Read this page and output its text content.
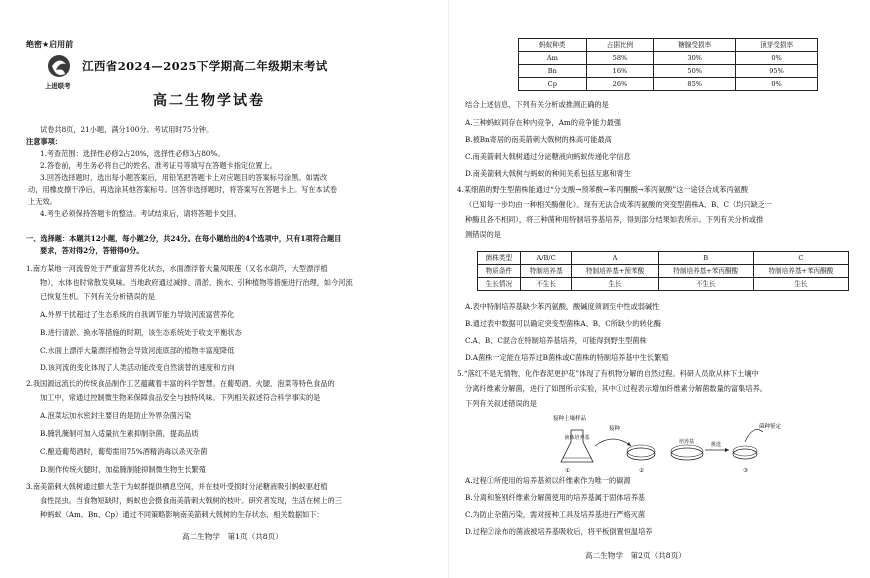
绝密★启用前
上进联考
江西省2024—2025下学期高二年级期末考试
高二生物学试卷
试卷共8页，21小题，满分100分。考试用时75分钟。
注意事项：
1.考查范围：选择性必修2占20%，选择性必修3占80%。
2.答卷前，考生务必将自己的姓名、准考证号等填写在答题卡指定位置上。
3.回答选择题时，选出每小题答案后，用铅笔把答题卡上对应题目的答案标号涂黑。如需改
动，用橡皮擦干净后，再选涂其他答案标号。回答非选择题时，将答案写在答题卡上。写在本试卷
上无效。
4.考生必须保持答题卡的整洁。考试结束后，请将答题卡交回。
一、选择题：本题共12小题，每小题2分，共24分。在每小题给出的4个选项中，只有1项符合题目
要求，答对得2分，答错得0分。
1.南方某地一河流曾处于严重富营养化状态，水面漂浮着大量凤眼莲（又名水葫芦，大型漂浮植
物），水体也时常散发臭味。当地政府通过减排、清淤、换水、引种植物等措施进行治理，如今河流
已恢复生机。下列有关分析错误的是
A.外界干扰超过了生态系统的自我调节能力导致河流富营养化
B.进行清淤、换水等措施的时期，该生态系统处于收支平衡状态
C.水面上漂浮大量漂浮植物会导致河流底部的植物丰富度降低
D.该河流的变化体现了人类活动能改变自然演替的速度和方向
2.我国源远流长的传统食品制作工艺蕴藏着丰富的科学智慧。在葡萄酒、火腿、泡菜等特色食品的
加工中，常通过控制微生物来保障食品安全与独特风味。下列相关叙述符合科学事实的是
A.泡菜坛加水密封主要目的是防止外界杂菌污染
B.腌乳腌制可加入适量抗生素抑制杂菌，提高品质
C.酿造葡萄酒时，葡萄需用75%酒精消毒以杀灭杂菌
D.制作传统火腿时，加盐腌制能抑制微生物生长繁殖
3.南美箭刺大戟树通过膨大茎干为蚁群提供栖息空间，并在枝叶受损时分泌糖液吸引蚂蚁驱赶植
食性昆虫。当食物短缺时，蚂蚁也会摄食南美箭刺大戟树的枝叶。研究者发现，生活在树上的三
种蚂蚁（Am、Bn、Cp）通过不同策略影响南美箭刺大戟树的生存状态，相关数据如下：
高二生物学　第1页（共8页）
蚂蚁种类	占据比例	糖腺受损率	顶芽受损率
Am	58%	30%	0%
Bn	16%	50%	95%
Cp	26%	85%	0%
结合上述信息，下列有关分析或推测正确的是
A.三种蚂蚁同存在种内竞争，Am的竞争能力最强
B.被Bn寄居的南美箭刺大戟树的株高可能最高
C.南美箭刺大戟树通过分泌糖液向蚂蚁传递化学信息
D.南美箭刺大戟树与蚂蚁的种间关系包括互惠和寄生
4.某细菌的野生型菌株能通过“分支酸→预苯酸→苯丙酮酸→苯丙氨酸”这一途径合成苯丙氨酸
（已知每一步均由一种相关酶催化）。现有无法合成苯丙氨酸的突变型菌株A、B、C（均只缺乏一
种酶且各不相同），将三种菌种用特制培养基培养，得到部分结果如表所示。下列有关分析或推
测错误的是
菌株类型	A/B/C	A	B	C
物质条件	特制培养基	特制培养基+预苯酸	特制培养基+苯丙酮酸	特制培养基+苯丙酮酸
生长情况	不生长	生长	不生长	生长
A.表中特制培养基缺少苯丙氨酸，酸碱度须调至中性或弱碱性
B.通过表中数据可以确定突变型菌株A、B、C所缺少的转化酶
C.A、B、C混合在特制培养基培养，可能得到野生型菌株
D.A菌株一定能在培养过B菌株或C菌株的特制培养基中生长繁殖
5.“落红不是无情物，化作春泥更护花”体现了有机物分解的自然过程。科研人员欲从林下土壤中
分离纤维素分解菌，进行了如图所示实验，其中①过程表示增加纤维素分解菌数量的富集培养。
下列有关叙述错误的是
A.过程①所使用的培养基须以纤维素作为唯一的碳源
B.分离和鉴别纤维素分解菌使用的培养基属于固体培养基
C.为防止杂菌污染，需对接种工具及培养基进行严格灭菌
D.过程②涂布的菌液被培养基吸收后，将平板倒置恒温培养
高二生物学　第2页（共8页）
接种土壤样品
液体培养基
①
接种
②
培养基	挑选
③
菌种鉴定
